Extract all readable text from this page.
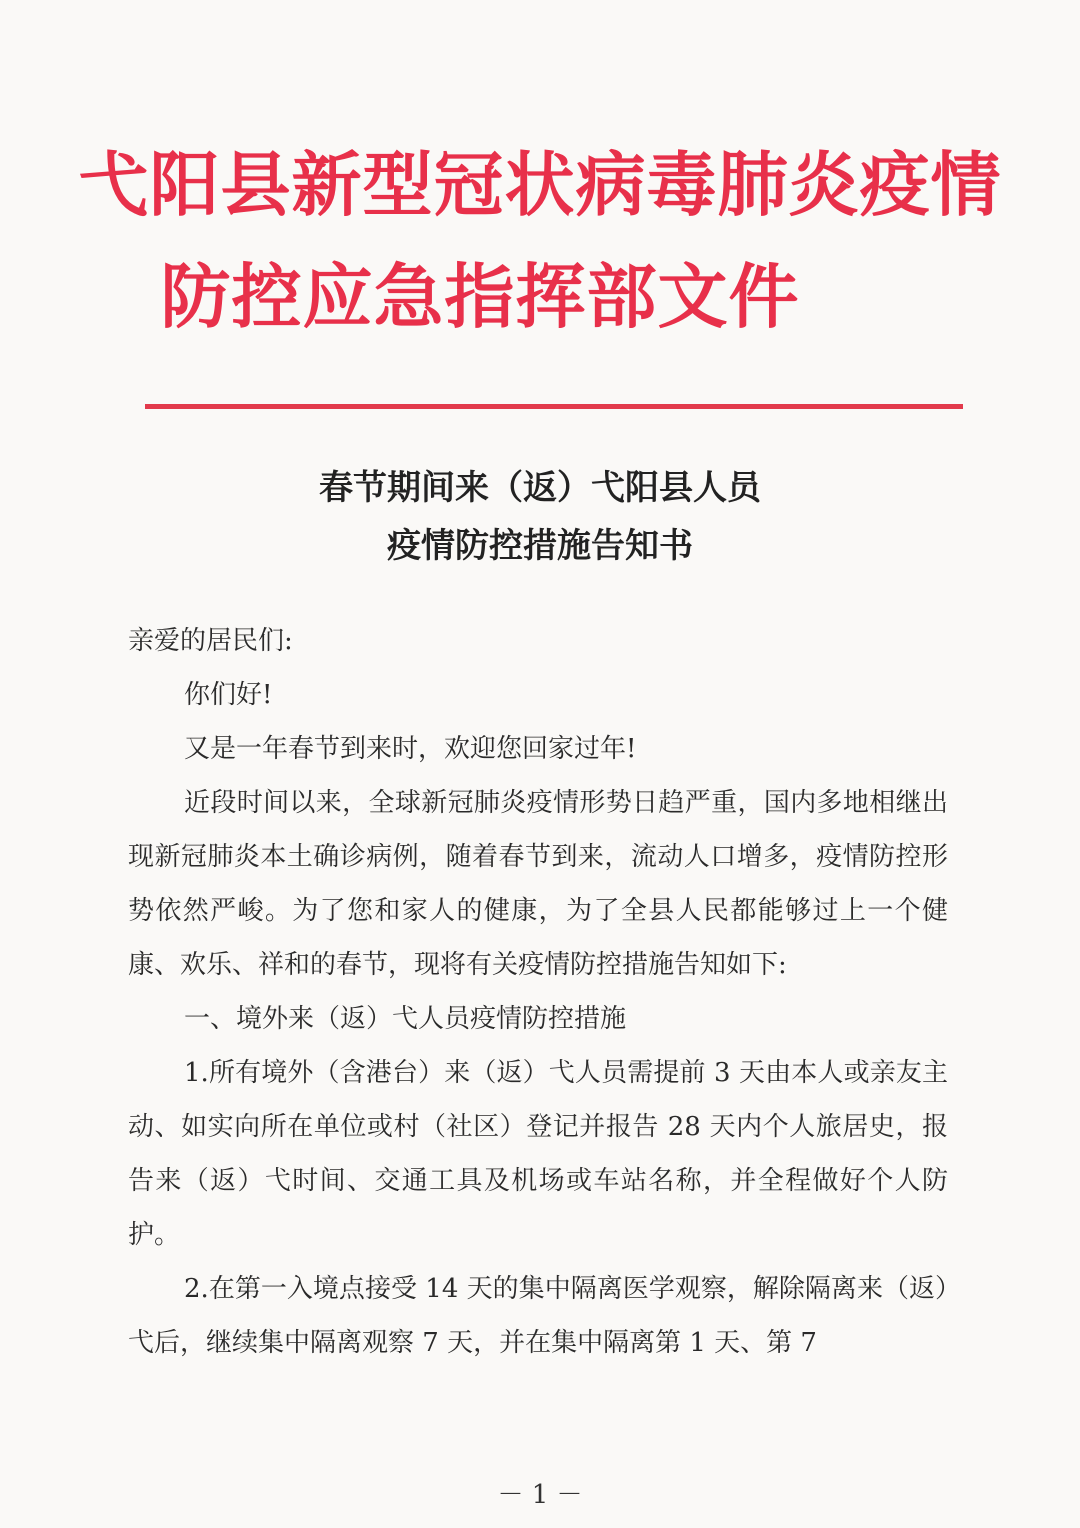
弋阳县新型冠状病毒肺炎疫情
防控应急指挥部文件
春节期间来（返）弋阳县人员
疫情防控措施告知书

亲爱的居民们:

你们好!

又是一年春节到来时，欢迎您回家过年!

近段时间以来，全球新冠肺炎疫情形势日趋严重，国内多地相继出现新冠肺炎本土确诊病例，随着春节到来，流动人口增多，疫情防控形势依然严峻。为了您和家人的健康，为了全县人民都能够过上一个健康、欢乐、祥和的春节，现将有关疫情防控措施告知如下:

一、境外来（返）弋人员疫情防控措施

1.所有境外（含港台）来（返）弋人员需提前 3 天由本人或亲友主动、如实向所在单位或村（社区）登记并报告 28 天内个人旅居史，报告来（返）弋时间、交通工具及机场或车站名称，并全程做好个人防护。

2.在第一入境点接受 14 天的集中隔离医学观察，解除隔离来（返）弋后，继续集中隔离观察 7 天，并在集中隔离第 1 天、第 7

－ 1 －
